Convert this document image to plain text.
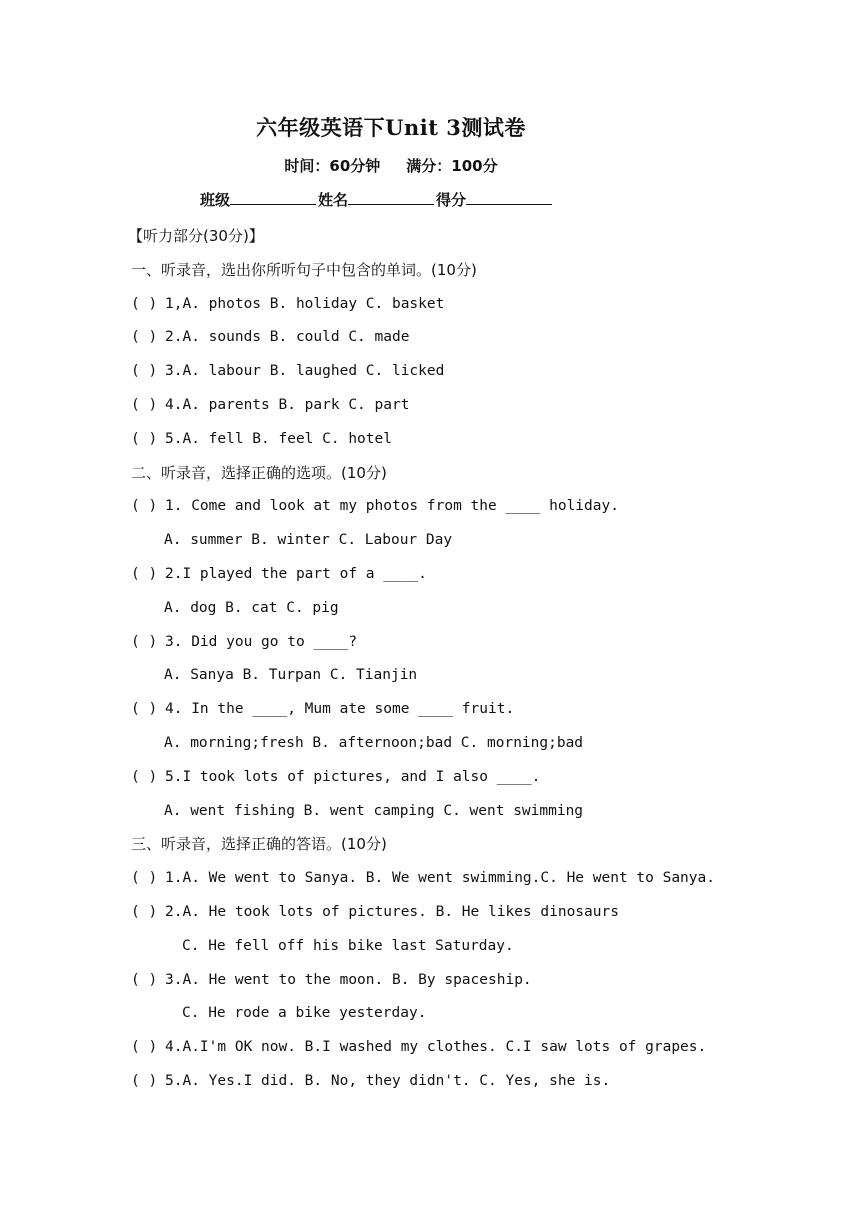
六年级英语下Unit 3测试卷
时间：60分钟 满分：100分
班级	姓名	得分
【听力部分(30分)】
一、听录音，选出你所听句子中包含的单词。(10分)
( ) 1,A. photos B. holiday C. basket
( ) 2.A. sounds B. could C. made
( ) 3.A. labour B. laughed C. licked
( ) 4.A. parents B. park C. part
( ) 5.A. fell B. feel C. hotel
二、听录音，选择正确的选项。(10分)
( ) 1. Come and look at my photos from the ____ holiday.
A. summer B. winter C. Labour Day
( ) 2.I played the part of a ____.
A. dog B. cat C. pig
( ) 3. Did you go to ____?
A. Sanya B. Turpan C. Tianjin
( ) 4. In the ____, Mum ate some ____ fruit.
A. morning;fresh B. afternoon;bad C. morning;bad
( ) 5.I took lots of pictures, and I also ____.
A. went fishing B. went camping C. went swimming
三、听录音，选择正确的答语。(10分)
( ) 1.A. We went to Sanya. B. We went swimming.C. He went to Sanya.
( ) 2.A. He took lots of pictures. B. He likes dinosaurs
C. He fell off his bike last Saturday.
( ) 3.A. He went to the moon. B. By spaceship.
C. He rode a bike yesterday.
( ) 4.A.I'm OK now. B.I washed my clothes. C.I saw lots of grapes.
( ) 5.A. Yes.I did. B. No, they didn't. C. Yes, she is.
